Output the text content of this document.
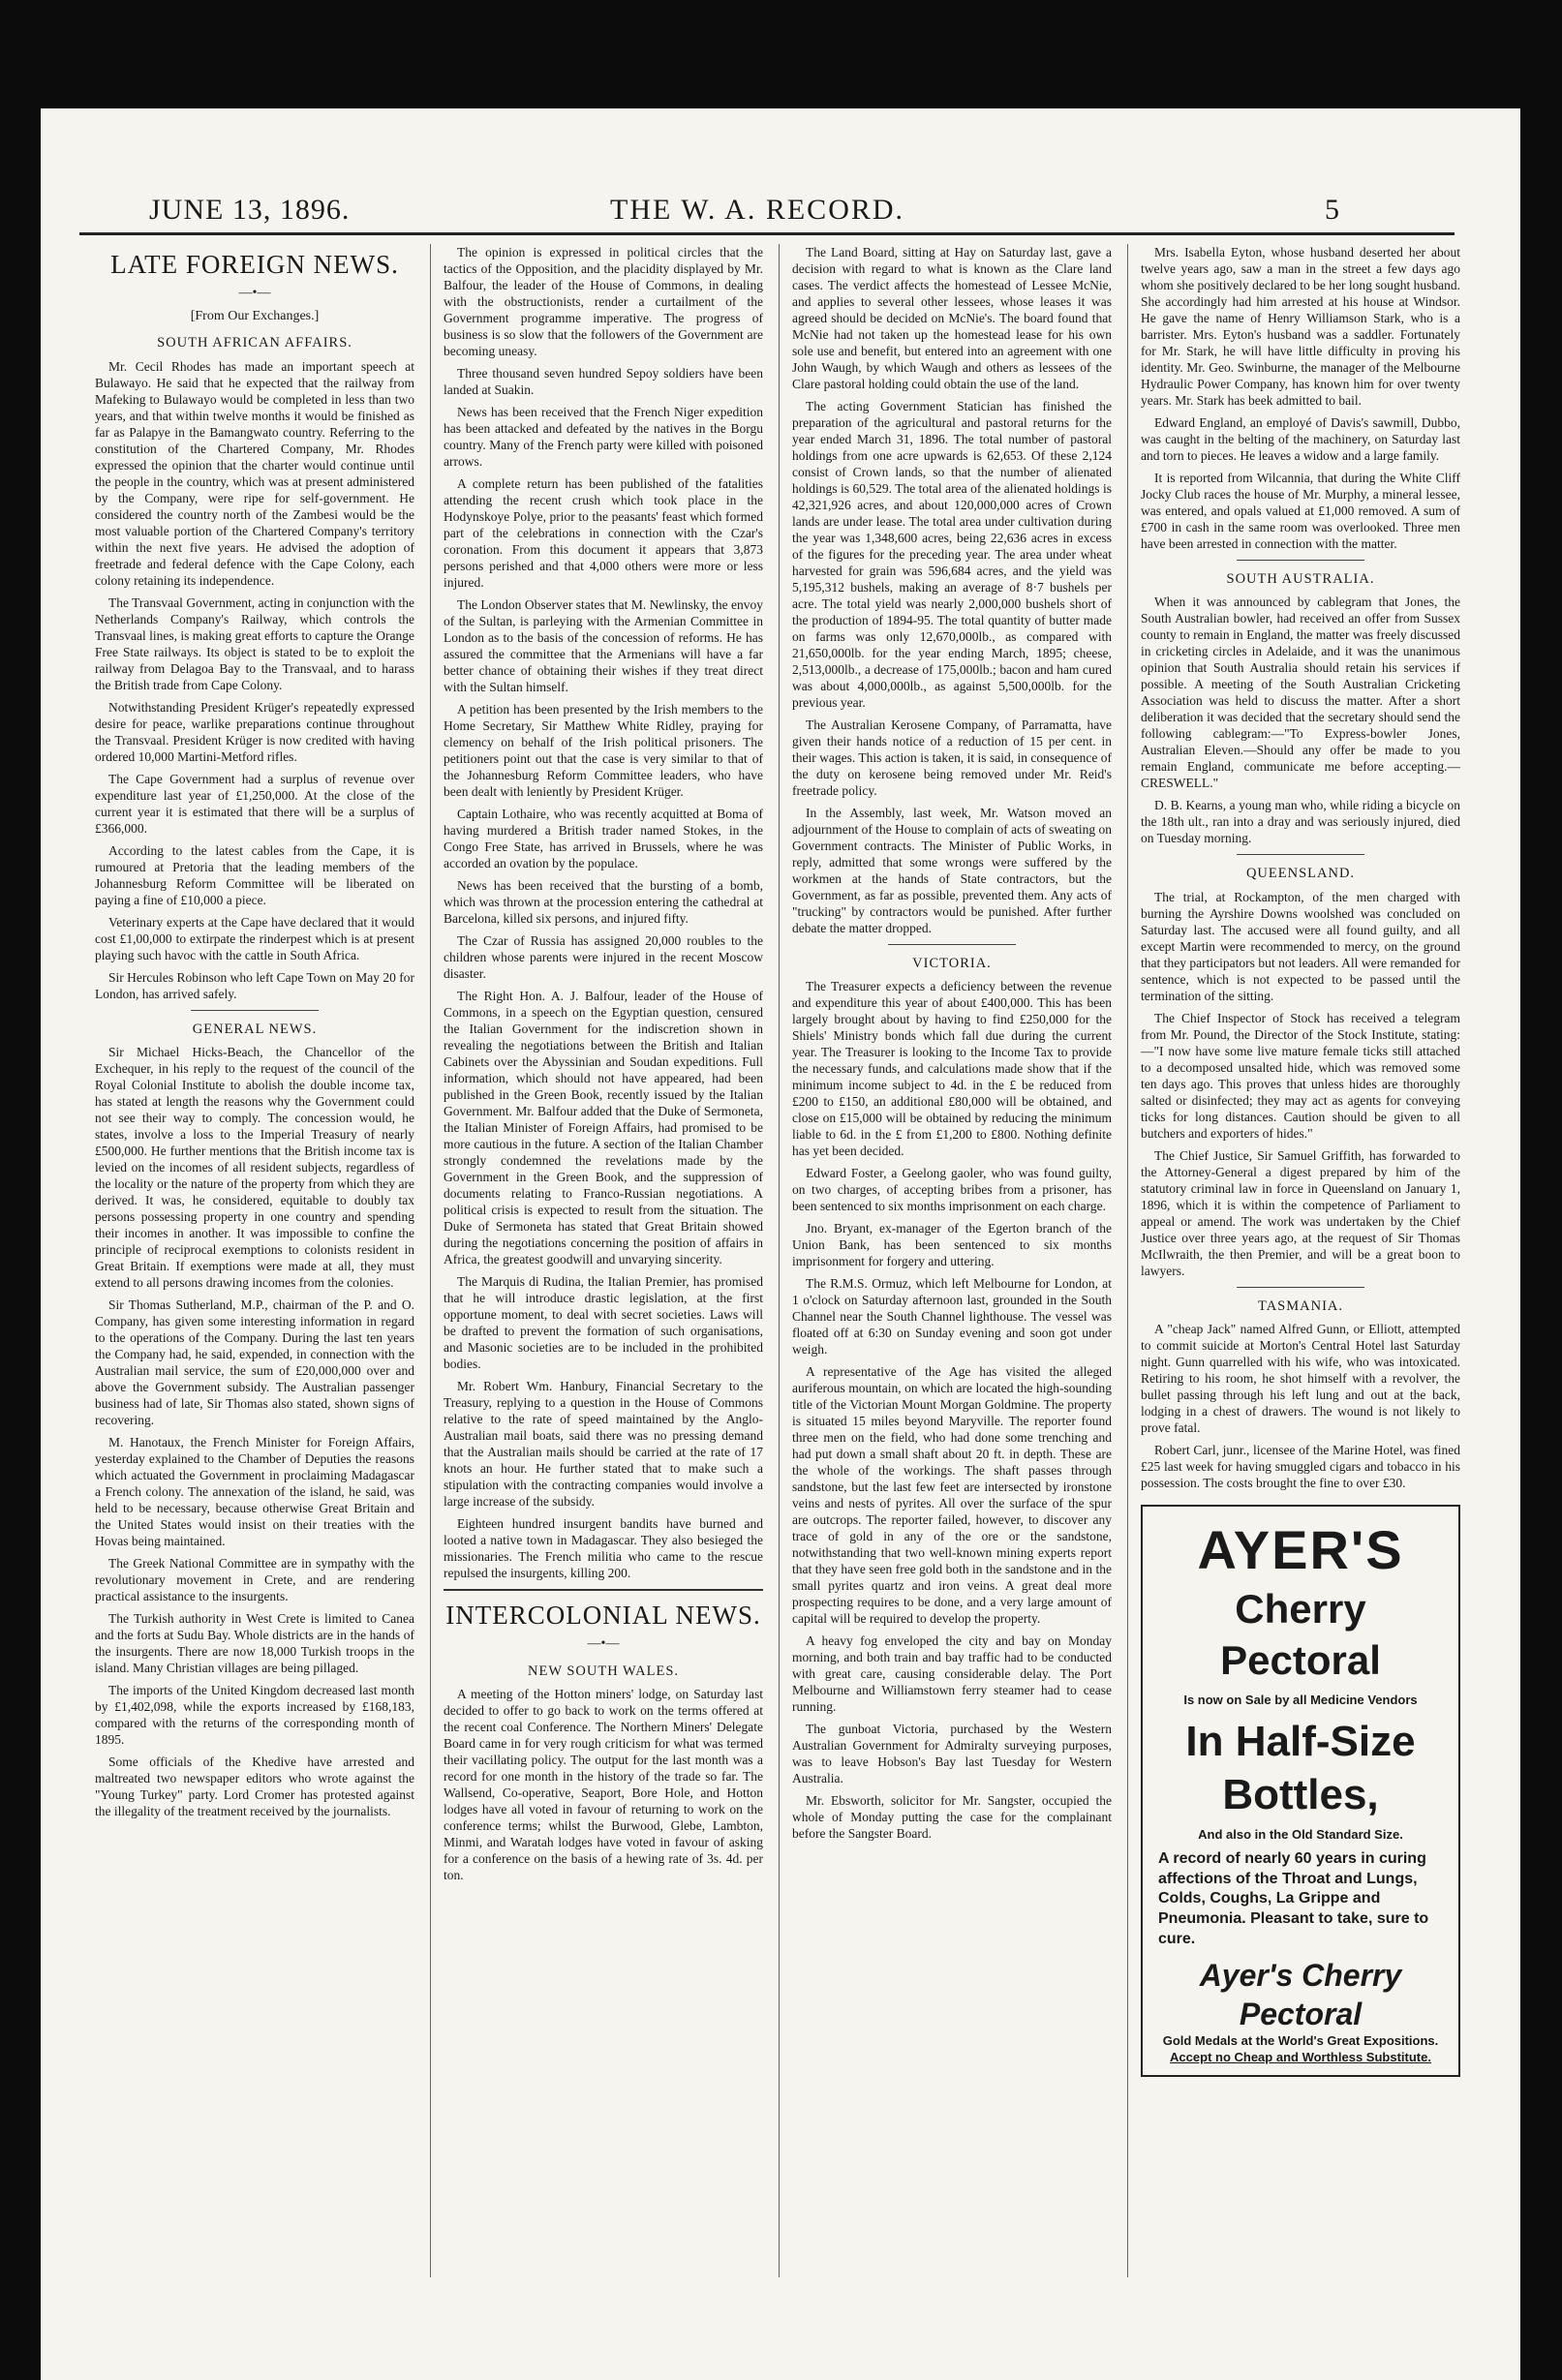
JUNE 13, 1896.	THE W. A. RECORD.	5
LATE FOREIGN NEWS.
—•—
[From Our Exchanges.]
SOUTH AFRICAN AFFAIRS.

Mr. Cecil Rhodes has made an important speech at Bulawayo. He said that he expected that the railway from Mafeking to Bulawayo would be completed in less than two years, and that within twelve months it would be finished as far as Palapye in the Bamangwato country. Referring to the constitution of the Chartered Company, Mr. Rhodes expressed the opinion that the charter would continue until the people in the country, which was at present administered by the Company, were ripe for self-government. He considered the country north of the Zambesi would be the most valuable portion of the Chartered Company's territory within the next five years. He advised the adoption of freetrade and federal defence with the Cape Colony, each colony retaining its independence.

The Transvaal Government, acting in conjunction with the Netherlands Company's Railway, which controls the Transvaal lines, is making great efforts to capture the Orange Free State railways. Its object is stated to be to exploit the railway from Delagoa Bay to the Transvaal, and to harass the British trade from Cape Colony.

Notwithstanding President Krüger's repeatedly expressed desire for peace, warlike preparations continue throughout the Transvaal. President Krüger is now credited with having ordered 10,000 Martini-Metford rifles.

The Cape Government had a surplus of revenue over expenditure last year of £1,250,000. At the close of the current year it is estimated that there will be a surplus of £366,000.

According to the latest cables from the Cape, it is rumoured at Pretoria that the leading members of the Johannesburg Reform Committee will be liberated on paying a fine of £10,000 a piece.

Veterinary experts at the Cape have declared that it would cost £1,00,000 to extirpate the rinderpest which is at present playing such havoc with the cattle in South Africa.

Sir Hercules Robinson who left Cape Town on May 20 for London, has arrived safely.

GENERAL NEWS.

Sir Michael Hicks-Beach, the Chancellor of the Exchequer, in his reply to the request of the council of the Royal Colonial Institute to abolish the double income tax, has stated at length the reasons why the Government could not see their way to comply. The concession would, he states, involve a loss to the Imperial Treasury of nearly £500,000. He further mentions that the British income tax is levied on the incomes of all resident subjects, regardless of the locality or the nature of the property from which they are derived. It was, he considered, equitable to doubly tax persons possessing property in one country and spending their incomes in another. It was impossible to confine the principle of reciprocal exemptions to colonists resident in Great Britain. If exemptions were made at all, they must extend to all persons drawing incomes from the colonies.

Sir Thomas Sutherland, M.P., chairman of the P. and O. Company, has given some interesting information in regard to the operations of the Company. During the last ten years the Company had, he said, expended, in connection with the Australian mail service, the sum of £20,000,000 over and above the Government subsidy. The Australian passenger business had of late, Sir Thomas also stated, shown signs of recovering.

M. Hanotaux, the French Minister for Foreign Affairs, yesterday explained to the Chamber of Deputies the reasons which actuated the Government in proclaiming Madagascar a French colony. The annexation of the island, he said, was held to be necessary, because otherwise Great Britain and the United States would insist on their treaties with the Hovas being maintained.

The Greek National Committee are in sympathy with the revolutionary movement in Crete, and are rendering practical assistance to the insurgents.

The Turkish authority in West Crete is limited to Canea and the forts at Sudu Bay. Whole districts are in the hands of the insurgents. There are now 18,000 Turkish troops in the island. Many Christian villages are being pillaged.

The imports of the United Kingdom decreased last month by £1,402,098, while the exports increased by £168,183, compared with the returns of the corresponding month of 1895.

Some officials of the Khedive have arrested and maltreated two newspaper editors who wrote against the "Young Turkey" party. Lord Cromer has protested against the illegality of the treatment received by the journalists.

The opinion is expressed in political circles that the tactics of the Opposition, and the placidity displayed by Mr. Balfour, the leader of the House of Commons, in dealing with the obstructionists, render a curtailment of the Government programme imperative. The progress of business is so slow that the followers of the Government are becoming uneasy.

Three thousand seven hundred Sepoy soldiers have been landed at Suakin.

News has been received that the French Niger expedition has been attacked and defeated by the natives in the Borgu country. Many of the French party were killed with poisoned arrows.

A complete return has been published of the fatalities attending the recent crush which took place in the Hodynskoye Polye, prior to the peasants' feast which formed part of the celebrations in connection with the Czar's coronation. From this document it appears that 3,873 persons perished and that 4,000 others were more or less injured.

The London Observer states that M. Newlinsky, the envoy of the Sultan, is parleying with the Armenian Committee in London as to the basis of the concession of reforms. He has assured the committee that the Armenians will have a far better chance of obtaining their wishes if they treat direct with the Sultan himself.

A petition has been presented by the Irish members to the Home Secretary, Sir Matthew White Ridley, praying for clemency on behalf of the Irish political prisoners. The petitioners point out that the case is very similar to that of the Johannesburg Reform Committee leaders, who have been dealt with leniently by President Krüger.

Captain Lothaire, who was recently acquitted at Boma of having murdered a British trader named Stokes, in the Congo Free State, has arrived in Brussels, where he was accorded an ovation by the populace.

News has been received that the bursting of a bomb, which was thrown at the procession entering the cathedral at Barcelona, killed six persons, and injured fifty.

The Czar of Russia has assigned 20,000 roubles to the children whose parents were injured in the recent Moscow disaster.

The Right Hon. A. J. Balfour, leader of the House of Commons, in a speech on the Egyptian question, censured the Italian Government for the indiscretion shown in revealing the negotiations between the British and Italian Cabinets over the Abyssinian and Soudan expeditions. Full information, which should not have appeared, had been published in the Green Book, recently issued by the Italian Government. Mr. Balfour added that the Duke of Sermoneta, the Italian Minister of Foreign Affairs, had promised to be more cautious in the future. A section of the Italian Chamber strongly condemned the revelations made by the Government in the Green Book, and the suppression of documents relating to Franco-Russian negotiations. A political crisis is expected to result from the situation. The Duke of Sermoneta has stated that Great Britain showed during the negotiations concerning the position of affairs in Africa, the greatest goodwill and unvarying sincerity.

The Marquis di Rudina, the Italian Premier, has promised that he will introduce drastic legislation, at the first opportune moment, to deal with secret societies. Laws will be drafted to prevent the formation of such organisations, and Masonic societies are to be included in the prohibited bodies.

Mr. Robert Wm. Hanbury, Financial Secretary to the Treasury, replying to a question in the House of Commons relative to the rate of speed maintained by the Anglo-Australian mail boats, said there was no pressing demand that the Australian mails should be carried at the rate of 17 knots an hour. He further stated that to make such a stipulation with the contracting companies would involve a large increase of the subsidy.

Eighteen hundred insurgent bandits have burned and looted a native town in Madagascar. They also besieged the missionaries. The French militia who came to the rescue repulsed the insurgents, killing 200.

INTERCOLONIAL NEWS.
—•—
NEW SOUTH WALES.

A meeting of the Hotton miners' lodge, on Saturday last decided to offer to go back to work on the terms offered at the recent coal Conference. The Northern Miners' Delegate Board came in for very rough criticism for what was termed their vacillating policy. The output for the last month was a record for one month in the history of the trade so far. The Wallsend, Co-operative, Seaport, Bore Hole, and Hotton lodges have all voted in favour of returning to work on the conference terms; whilst the Burwood, Glebe, Lambton, Minmi, and Waratah lodges have voted in favour of asking for a conference on the basis of a hewing rate of 3s. 4d. per ton.

The Land Board, sitting at Hay on Saturday last, gave a decision with regard to what is known as the Clare land cases. The verdict affects the homestead of Lessee McNie, and applies to several other lessees, whose leases it was agreed should be decided on McNie's. The board found that McNie had not taken up the homestead lease for his own sole use and benefit, but entered into an agreement with one John Waugh, by which Waugh and others as lessees of the Clare pastoral holding could obtain the use of the land.

The acting Government Statician has finished the preparation of the agricultural and pastoral returns for the year ended March 31, 1896. The total number of pastoral holdings from one acre upwards is 62,653. Of these 2,124 consist of Crown lands, so that the number of alienated holdings is 60,529. The total area of the alienated holdings is 42,321,926 acres, and about 120,000,000 acres of Crown lands are under lease. The total area under cultivation during the year was 1,348,600 acres, being 22,636 acres in excess of the figures for the preceding year. The area under wheat harvested for grain was 596,684 acres, and the yield was 5,195,312 bushels, making an average of 8·7 bushels per acre. The total yield was nearly 2,000,000 bushels short of the production of 1894-95. The total quantity of butter made on farms was only 12,670,000lb., as compared with 21,650,000lb. for the year ending March, 1895; cheese, 2,513,000lb., a decrease of 175,000lb.; bacon and ham cured was about 4,000,000lb., as against 5,500,000lb. for the previous year.

The Australian Kerosene Company, of Parramatta, have given their hands notice of a reduction of 15 per cent. in their wages. This action is taken, it is said, in consequence of the duty on kerosene being removed under Mr. Reid's freetrade policy.

In the Assembly, last week, Mr. Watson moved an adjournment of the House to complain of acts of sweating on Government contracts. The Minister of Public Works, in reply, admitted that some wrongs were suffered by the workmen at the hands of State contractors, but the Government, as far as possible, prevented them. Any acts of "trucking" by contractors would be punished. After further debate the matter dropped.

VICTORIA.

The Treasurer expects a deficiency between the revenue and expenditure this year of about £400,000. This has been largely brought about by having to find £250,000 for the Shiels' Ministry bonds which fall due during the current year. The Treasurer is looking to the Income Tax to provide the necessary funds, and calculations made show that if the minimum income subject to 4d. in the £ be reduced from £200 to £150, an additional £80,000 will be obtained, and close on £15,000 will be obtained by reducing the minimum liable to 6d. in the £ from £1,200 to £800. Nothing definite has yet been decided.

Edward Foster, a Geelong gaoler, who was found guilty, on two charges, of accepting bribes from a prisoner, has been sentenced to six months imprisonment on each charge.

Jno. Bryant, ex-manager of the Egerton branch of the Union Bank, has been sentenced to six months imprisonment for forgery and uttering.

The R.M.S. Ormuz, which left Melbourne for London, at 1 o'clock on Saturday afternoon last, grounded in the South Channel near the South Channel lighthouse. The vessel was floated off at 6:30 on Sunday evening and soon got under weigh.

A representative of the Age has visited the alleged auriferous mountain, on which are located the high-sounding title of the Victorian Mount Morgan Goldmine. The property is situated 15 miles beyond Maryville. The reporter found three men on the field, who had done some trenching and had put down a small shaft about 20 ft. in depth. These are the whole of the workings. The shaft passes through sandstone, but the last few feet are intersected by ironstone veins and nests of pyrites. All over the surface of the spur are outcrops. The reporter failed, however, to discover any trace of gold in any of the ore or the sandstone, notwithstanding that two well-known mining experts report that they have seen free gold both in the sandstone and in the small pyrites quartz and iron veins. A great deal more prospecting requires to be done, and a very large amount of capital will be required to develop the property.

A heavy fog enveloped the city and bay on Monday morning, and both train and bay traffic had to be conducted with great care, causing considerable delay. The Port Melbourne and Williamstown ferry steamer had to cease running.

The gunboat Victoria, purchased by the Western Australian Government for Admiralty surveying purposes, was to leave Hobson's Bay last Tuesday for Western Australia.

Mr. Ebsworth, solicitor for Mr. Sangster, occupied the whole of Monday putting the case for the complainant before the Sangster Board.

Mrs. Isabella Eyton, whose husband deserted her about twelve years ago, saw a man in the street a few days ago whom she positively declared to be her long sought husband. She accordingly had him arrested at his house at Windsor. He gave the name of Henry Williamson Stark, who is a barrister. Mrs. Eyton's husband was a saddler. Fortunately for Mr. Stark, he will have little difficulty in proving his identity. Mr. Geo. Swinburne, the manager of the Melbourne Hydraulic Power Company, has known him for over twenty years. Mr. Stark has beek admitted to bail.

Edward England, an employé of Davis's sawmill, Dubbo, was caught in the belting of the machinery, on Saturday last and torn to pieces. He leaves a widow and a large family.

It is reported from Wilcannia, that during the White Cliff Jocky Club races the house of Mr. Murphy, a mineral lessee, was entered, and opals valued at £1,000 removed. A sum of £700 in cash in the same room was overlooked. Three men have been arrested in connection with the matter.

SOUTH AUSTRALIA.

When it was announced by cablegram that Jones, the South Australian bowler, had received an offer from Sussex county to remain in England, the matter was freely discussed in cricketing circles in Adelaide, and it was the unanimous opinion that South Australia should retain his services if possible. A meeting of the South Australian Cricketing Association was held to discuss the matter. After a short deliberation it was decided that the secretary should send the following cablegram:—"To Express-bowler Jones, Australian Eleven.—Should any offer be made to you remain England, communicate me before accepting.—CRESWELL."

D. B. Kearns, a young man who, while riding a bicycle on the 18th ult., ran into a dray and was seriously injured, died on Tuesday morning.

QUEENSLAND.

The trial, at Rockampton, of the men charged with burning the Ayrshire Downs woolshed was concluded on Saturday last. The accused were all found guilty, and all except Martin were recommended to mercy, on the ground that they participators but not leaders. All were remanded for sentence, which is not expected to be passed until the termination of the sitting.

The Chief Inspector of Stock has received a telegram from Mr. Pound, the Director of the Stock Institute, stating:—"I now have some live mature female ticks still attached to a decomposed unsalted hide, which was removed some ten days ago. This proves that unless hides are thoroughly salted or disinfected; they may act as agents for conveying ticks for long distances. Caution should be given to all butchers and exporters of hides."

The Chief Justice, Sir Samuel Griffith, has forwarded to the Attorney-General a digest prepared by him of the statutory criminal law in force in Queensland on January 1, 1896, which it is within the competence of Parliament to appeal or amend. The work was undertaken by the Chief Justice over three years ago, at the request of Sir Thomas McIlwraith, the then Premier, and will be a great boon to lawyers.

TASMANIA.

A "cheap Jack" named Alfred Gunn, or Elliott, attempted to commit suicide at Morton's Central Hotel last Saturday night. Gunn quarrelled with his wife, who was intoxicated. Retiring to his room, he shot himself with a revolver, the bullet passing through his left lung and out at the back, lodging in a chest of drawers. The wound is not likely to prove fatal.

Robert Carl, junr., licensee of the Marine Hotel, was fined £25 last week for having smuggled cigars and tobacco in his possession. The costs brought the fine to over £30.

AYER'S
Cherry Pectoral
Is now on Sale by all Medicine Vendors
In Half-Size Bottles,
And also in the Old Standard Size.
A record of nearly 60 years in curing affections of the Throat and Lungs, Colds, Coughs, La Grippe and Pneumonia. Pleasant to take, sure to cure.
Ayer's Cherry Pectoral
Gold Medals at the World's Great Expositions.
Accept no Cheap and Worthless Substitute.
